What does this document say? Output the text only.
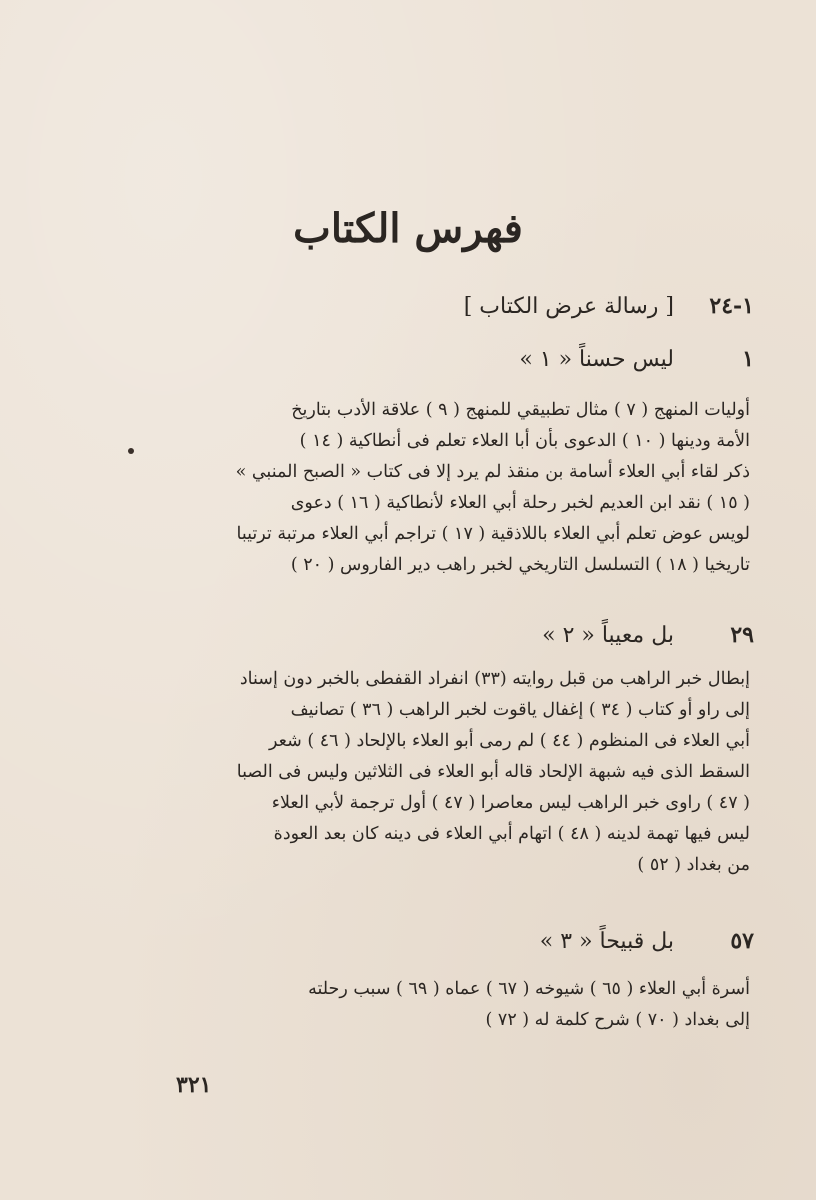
فهرس الكتاب
١-٢٤
[ رسالة عرض الكتاب ]
١
ليس حسناً « ١ »
أوليات المنهج ( ٧ ) مثال تطبيقي للمنهج ( ٩ ) علاقة الأدب بتاريخ
الأمة ودينها ( ١٠ ) الدعوى بأن أبا العلاء تعلم فى أنطاكية ( ١٤ )
ذكر لقاء أبي العلاء أسامة بن منقذ لم يرد إلا فى كتاب « الصبح المنبي »
( ١٥ ) نقد ابن العديم لخبر رحلة أبي العلاء لأنطاكية ( ١٦ ) دعوى
لويس عوض تعلم أبي العلاء باللاذقية ( ١٧ ) تراجم أبي العلاء مرتبة ترتيبا
تاريخيا ( ١٨ ) التسلسل التاريخي لخبر راهب دير الفاروس ( ٢٠ )
٢٩
بل معيباً « ٢ »
إبطال خبر الراهب من قبل روايته (٣٣) انفراد القفطى بالخبر دون إسناد
إلى راو أو كتاب ( ٣٤ ) إغفال ياقوت لخبر الراهب ( ٣٦ ) تصانيف
أبي العلاء فى المنظوم ( ٤٤ ) لم رمى أبو العلاء بالإلحاد ( ٤٦ ) شعر
السقط الذى فيه شبهة الإلحاد قاله أبو العلاء فى الثلاثين وليس فى الصبا
( ٤٧ ) راوى خبر الراهب ليس معاصرا ( ٤٧ ) أول ترجمة لأبي العلاء
ليس فيها تهمة لدينه ( ٤٨ ) اتهام أبي العلاء فى دينه كان بعد العودة
من بغداد ( ٥٢ )
٥٧
بل قبيحاً « ٣ »
أسرة أبي العلاء ( ٦٥ ) شيوخه ( ٦٧ ) عماه ( ٦٩ ) سبب رحلته
إلى بغداد ( ٧٠ ) شرح كلمة له ( ٧٢ )
٣٢١
